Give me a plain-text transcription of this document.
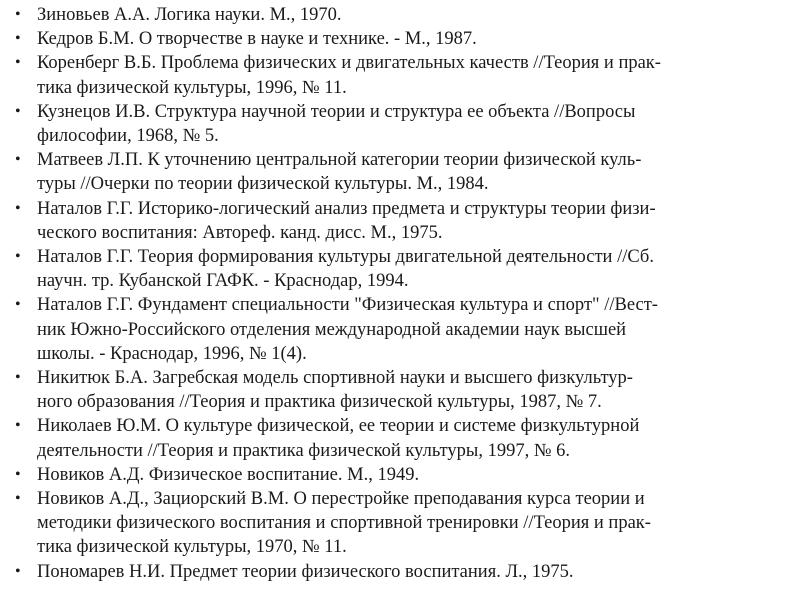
• Зиновьев А.А. Логика науки. М., 1970.
• Кедров Б.М. О творчестве в науке и технике. - М., 1987.
• Коренберг В.Б. Проблема физических и двигательных качеств //Теория и прак-
тика физической культуры, 1996, № 11.
• Кузнецов И.В. Структура научной теории и структура ее объекта //Вопросы
философии, 1968, № 5.
• Матвеев Л.П. К уточнению центральной категории теории физической куль-
туры //Очерки по теории физической культуры. М., 1984.
• Наталов Г.Г. Историко-логический анализ предмета и структуры теории физи-
ческого воспитания: Автореф. канд. дисс. М., 1975.
• Наталов Г.Г. Теория формирования культуры двигательной деятельности //Сб.
научн. тр. Кубанской ГАФК. - Краснодар, 1994.
• Наталов Г.Г. Фундамент специальности "Физическая культура и спорт" //Вест-
ник Южно-Российского отделения международной академии наук высшей
школы. - Краснодар, 1996, № 1(4).
• Никитюк Б.А. Загребская модель спортивной науки и высшего физкультур-
ного образования //Теория и практика физической культуры, 1987, № 7.
• Николаев Ю.М. О культуре физической, ее теории и системе физкультурной
деятельности //Теория и практика физической культуры, 1997, № 6.
• Новиков А.Д. Физическое воспитание. М., 1949.
• Новиков А.Д., Зациорский В.М. О перестройке преподавания курса теории и
методики физического воспитания и спортивной тренировки //Теория и прак-
тика физической культуры, 1970, № 11.
• Пономарев Н.И. Предмет теории физического воспитания. Л., 1975.
